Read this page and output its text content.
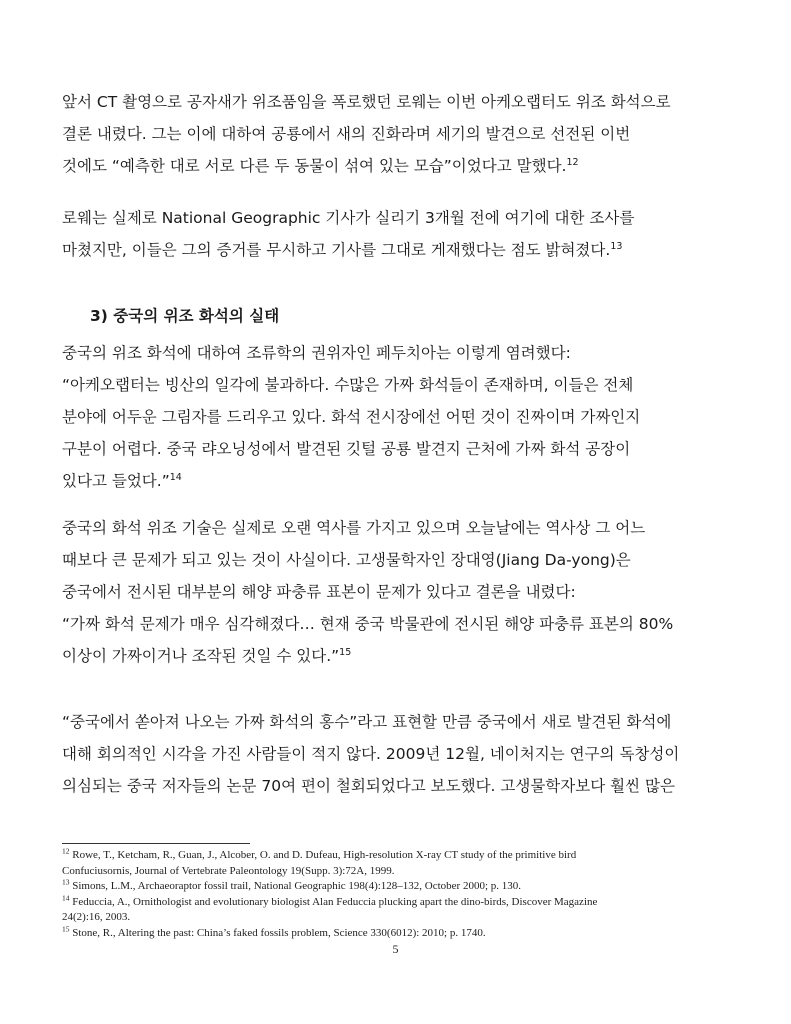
앞서 CT 촬영으로 공자새가 위조품임을 폭로했던 로웨는 이번 아케오랩터도 위조 화석으로
결론 내렸다. 그는 이에 대하여 공룡에서 새의 진화라며 세기의 발견으로 선전된 이번
것에도 “예측한 대로 서로 다른 두 동물이 섞여 있는 모습”이었다고 말했다.$^{12}$
로웨는 실제로 National Geographic 기사가 실리기 3개월 전에 여기에 대한 조사를
마쳤지만, 이들은 그의 증거를 무시하고 기사를 그대로 게재했다는 점도 밝혀졌다.$^{13}$
3) 중국의 위조 화석의 실태
중국의 위조 화석에 대하여 조류학의 권위자인 페두치아는 이렇게 염려했다:
“아케오랩터는 빙산의 일각에 불과하다. 수많은 가짜 화석들이 존재하며, 이들은 전체
분야에 어두운 그림자를 드리우고 있다. 화석 전시장에선 어떤 것이 진짜이며 가짜인지
구분이 어렵다. 중국 랴오닝성에서 발견된 깃털 공룡 발견지 근처에 가짜 화석 공장이
있다고 들었다.”$^{14}$
중국의 화석 위조 기술은 실제로 오랜 역사를 가지고 있으며 오늘날에는 역사상 그 어느
때보다 큰 문제가 되고 있는 것이 사실이다. 고생물학자인 장대영(Jiang Da-yong)은
중국에서 전시된 대부분의 해양 파충류 표본이 문제가 있다고 결론을 내렸다:
“가짜 화석 문제가 매우 심각해졌다… 현재 중국 박물관에 전시된 해양 파충류 표본의 80%
이상이 가짜이거나 조작된 것일 수 있다.”$^{15}$
“중국에서 쏟아져 나오는 가짜 화석의 홍수”라고 표현할 만큼 중국에서 새로 발견된 화석에
대해 회의적인 시각을 가진 사람들이 적지 않다. 2009년 12월, 네이처지는 연구의 독창성이
의심되는 중국 저자들의 논문 70여 편이 철회되었다고 보도했다. 고생물학자보다 훨씬 많은

$^{12}$ Rowe, T., Ketcham, R., Guan, J., Alcober, O. and D. Dufeau, High-resolution X-ray CT study of the primitive bird
Confuciusornis, Journal of Vertebrate Paleontology 19(Supp. 3):72A, 1999.

$^{13}$ Simons, L.M., Archaeoraptor fossil trail, National Geographic 198(4):128–132, October 2000; p. 130.

$^{14}$ Feduccia, A., Ornithologist and evolutionary biologist Alan Feduccia plucking apart the dino-birds, Discover Magazine
24(2):16, 2003.

$^{15}$ Stone, R., Altering the past: China’s faked fossils problem, Science 330(6012): 2010; p. 1740.

5
